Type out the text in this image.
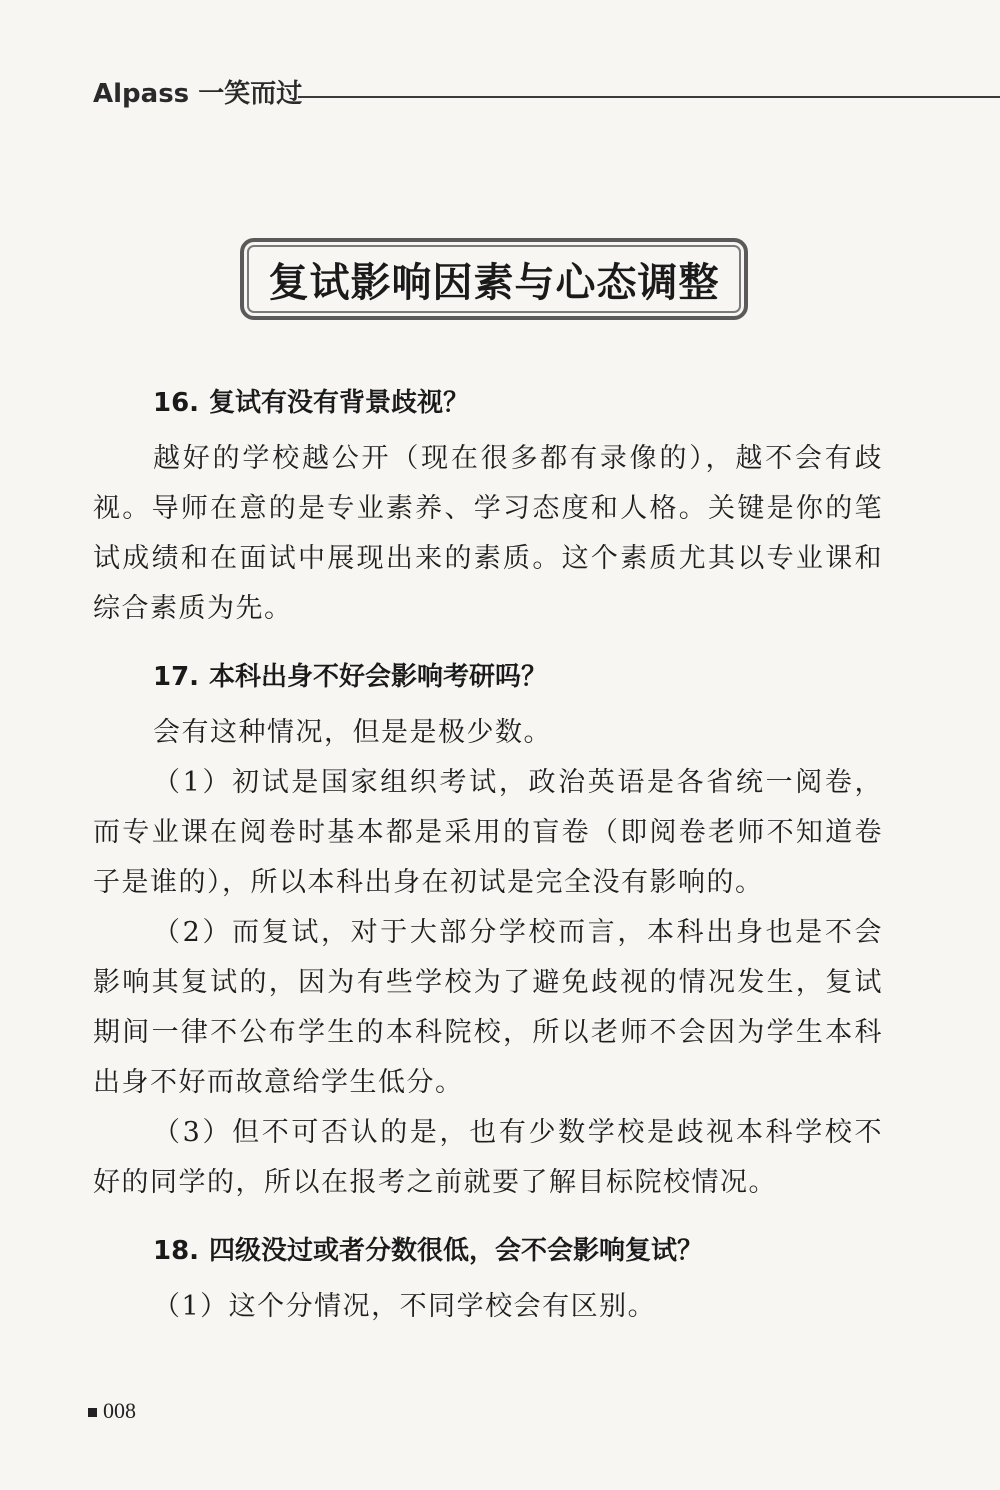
Alpass 一笑而过
复试影响因素与心态调整
16. 复试有没有背景歧视？

越好的学校越公开（现在很多都有录像的），越不会有歧视。导师在意的是专业素养、学习态度和人格。关键是你的笔试成绩和在面试中展现出来的素质。这个素质尤其以专业课和综合素质为先。

17. 本科出身不好会影响考研吗？

会有这种情况，但是是极少数。

（1）初试是国家组织考试，政治英语是各省统一阅卷，而专业课在阅卷时基本都是采用的盲卷（即阅卷老师不知道卷子是谁的），所以本科出身在初试是完全没有影响的。

（2）而复试，对于大部分学校而言，本科出身也是不会影响其复试的，因为有些学校为了避免歧视的情况发生，复试期间一律不公布学生的本科院校，所以老师不会因为学生本科出身不好而故意给学生低分。

（3）但不可否认的是，也有少数学校是歧视本科学校不好的同学的，所以在报考之前就要了解目标院校情况。

18. 四级没过或者分数很低，会不会影响复试？

（1）这个分情况，不同学校会有区别。

008
